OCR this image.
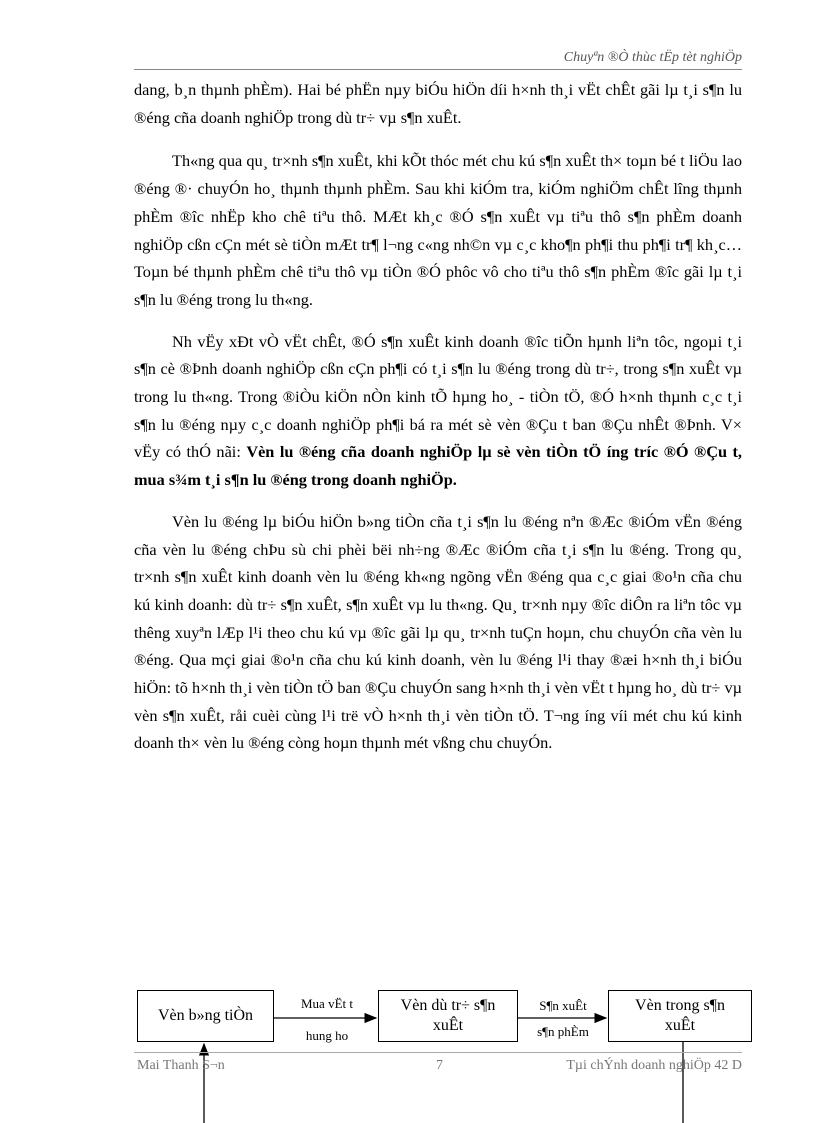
Chuyªn ®Ò thùc tËp tèt nghiÖp

dang, b¸n thµnh phÈm). Hai bé phËn nµy biÓu hiÖn díi h×nh th¸i vËt chÊt gãi lµ t¸i s¶n lu ®éng cña doanh nghiÖp trong dù tr÷ vµ s¶n xuÊt.

Th«ng qua qu¸ tr×nh s¶n xuÊt, khi kÕt thóc mét chu kú s¶n xuÊt th× toµn bé t liÖu lao ®éng ®· chuyÓn ho¸ thµnh thµnh phÈm. Sau khi kiÓm tra, kiÓm nghiÖm chÊt lîng thµnh phÈm ®îc nhËp kho chê tiªu thô. MÆt kh¸c ®Ó s¶n xuÊt vµ tiªu thô s¶n phÈm doanh nghiÖp cßn cÇn mét sè tiÒn mÆt tr¶ l¬ng c«ng nh©n vµ c¸c kho¶n ph¶i thu ph¶i tr¶ kh¸c…Toµn bé thµnh phÈm chê tiªu thô vµ tiÒn ®Ó phôc vô cho tiªu thô s¶n phÈm ®îc gãi lµ t¸i s¶n lu ®éng trong lu th«ng.

Nh vËy xÐt vÒ vËt chÊt, ®Ó s¶n xuÊt kinh doanh ®îc tiÕn hµnh liªn tôc, ngoµi t¸i s¶n cè ®Þnh doanh nghiÖp cßn cÇn ph¶i có t¸i s¶n lu ®éng trong dù tr÷, trong s¶n xuÊt vµ trong lu th«ng. Trong ®iÒu kiÖn nÒn kinh tÕ hµng ho¸ - tiÒn tÖ, ®Ó h×nh thµnh c¸c t¸i s¶n lu ®éng nµy c¸c doanh nghiÖp ph¶i bá ra mét sè vèn ®Çu t ban ®Çu nhÊt ®Þnh. V× vËy có thÓ nãi: Vèn lu ®éng cña doanh nghiÖp lµ sè vèn tiÒn tÖ íng tríc ®Ó ®Çu t, mua s¾m t¸i s¶n lu ®éng trong doanh nghiÖp.

Vèn lu ®éng lµ biÓu hiÖn b»ng tiÒn cña t¸i s¶n lu ®éng nªn ®Æc ®iÓm vËn ®éng cña vèn lu ®éng chÞu sù chi phèi bëi nh÷ng ®Æc ®iÓm cña t¸i s¶n lu ®éng. Trong qu¸ tr×nh s¶n xuÊt kinh doanh vèn lu ®éng kh«ng ngõng vËn ®éng qua c¸c giai ®o¹n cña chu kú kinh doanh: dù tr÷ s¶n xuÊt, s¶n xuÊt vµ lu th«ng. Qu¸ tr×nh nµy ®îc diÔn ra liªn tôc vµ thêng xuyªn lÆp l¹i theo chu kú vµ ®îc gãi lµ qu¸ tr×nh tuÇn hoµn, chu chuyÓn cña vèn lu ®éng. Qua mçi giai ®o¹n cña chu kú kinh doanh, vèn lu ®éng l¹i thay ®æi h×nh th¸i biÓu hiÖn: tõ h×nh th¸i vèn tiÒn tÖ ban ®Çu chuyÓn sang h×nh th¸i vèn vËt t hµng ho¸ dù tr÷ vµ vèn s¶n xuÊt, råi cuèi cùng l¹i trë vÒ h×nh th¸i vèn tiÒn tÖ. T¬ng íng víi mét chu kú kinh doanh th× vèn lu ®éng còng hoµn thµnh mét vßng chu chuyÓn.

Vèn b»ng tiÒn
Vèn dù tr÷ s¶n
xuÊt
Vèn trong s¶n
xuÊt
Mua vËt t
hung ho
S¶n xuÊt
s¶n phÈm
Mai Thanh S¬n	7	Tµi chÝnh doanh nghiÖp 42 D
